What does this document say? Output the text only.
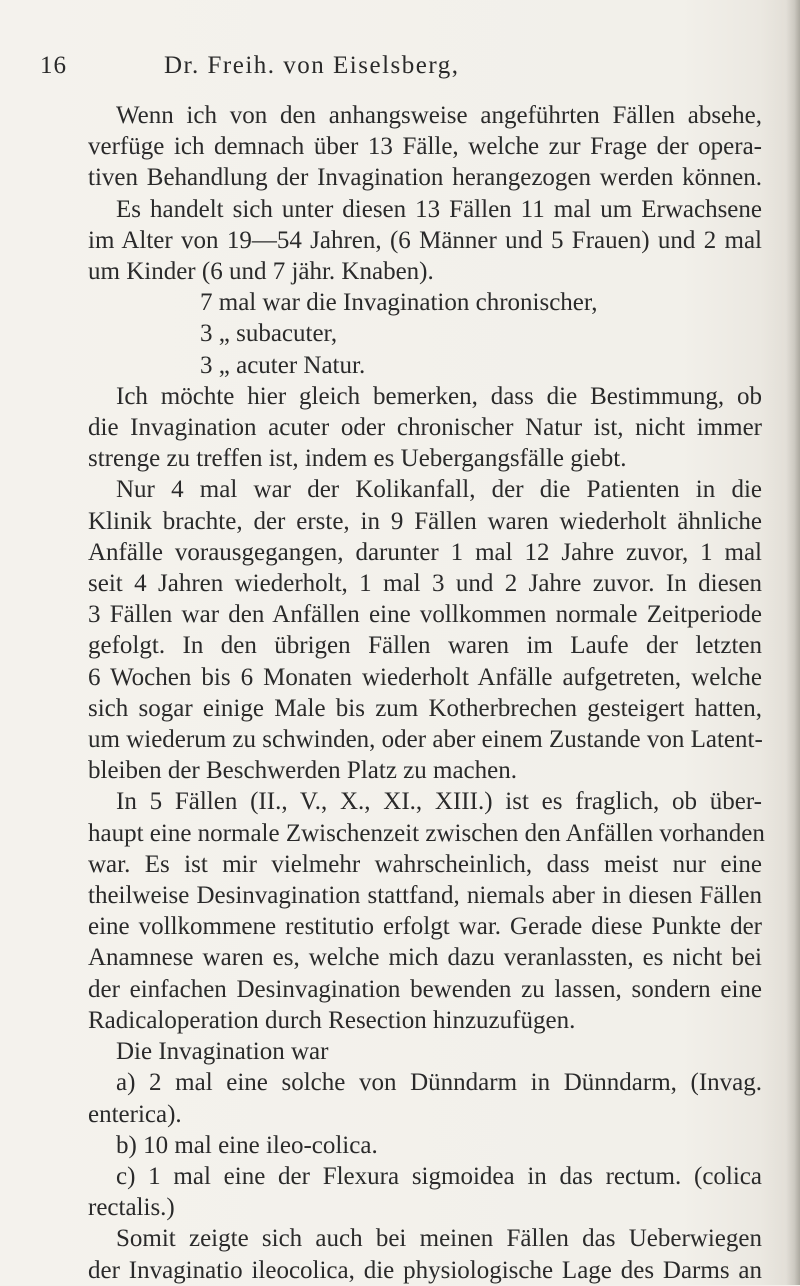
16	Dr. Freih. von Eiselsberg,
Wenn ich von den anhangsweise angeführten Fällen absehe,
verfüge ich demnach über 13 Fälle, welche zur Frage der opera-
tiven Behandlung der Invagination herangezogen werden können.
Es handelt sich unter diesen 13 Fällen 11 mal um Erwachsene
im Alter von 19—54 Jahren, (6 Männer und 5 Frauen) und 2 mal
um Kinder (6 und 7 jähr. Knaben).
7 mal war die Invagination chronischer,
3 „ subacuter,
3 „ acuter Natur.
Ich möchte hier gleich bemerken, dass die Bestimmung, ob
die Invagination acuter oder chronischer Natur ist, nicht immer
strenge zu treffen ist, indem es Uebergangsfälle giebt.
Nur 4 mal war der Kolikanfall, der die Patienten in die
Klinik brachte, der erste, in 9 Fällen waren wiederholt ähnliche
Anfälle vorausgegangen, darunter 1 mal 12 Jahre zuvor, 1 mal
seit 4 Jahren wiederholt, 1 mal 3 und 2 Jahre zuvor. In diesen
3 Fällen war den Anfällen eine vollkommen normale Zeitperiode
gefolgt. In den übrigen Fällen waren im Laufe der letzten
6 Wochen bis 6 Monaten wiederholt Anfälle aufgetreten, welche
sich sogar einige Male bis zum Kotherbrechen gesteigert hatten,
um wiederum zu schwinden, oder aber einem Zustande von Latent-
bleiben der Beschwerden Platz zu machen.
In 5 Fällen (II., V., X., XI., XIII.) ist es fraglich, ob über-
haupt eine normale Zwischenzeit zwischen den Anfällen vorhanden
war. Es ist mir vielmehr wahrscheinlich, dass meist nur eine
theilweise Desinvagination stattfand, niemals aber in diesen Fällen
eine vollkommene restitutio erfolgt war. Gerade diese Punkte der
Anamnese waren es, welche mich dazu veranlassten, es nicht bei
der einfachen Desinvagination bewenden zu lassen, sondern eine
Radicaloperation durch Resection hinzuzufügen.
Die Invagination war
a) 2 mal eine solche von Dünndarm in Dünndarm, (Invag.
enterica).
b) 10 mal eine ileo-colica.
c) 1 mal eine der Flexura sigmoidea in das rectum. (colica
rectalis.)
Somit zeigte sich auch bei meinen Fällen das Ueberwiegen
der Invaginatio ileocolica, die physiologische Lage des Darms an
